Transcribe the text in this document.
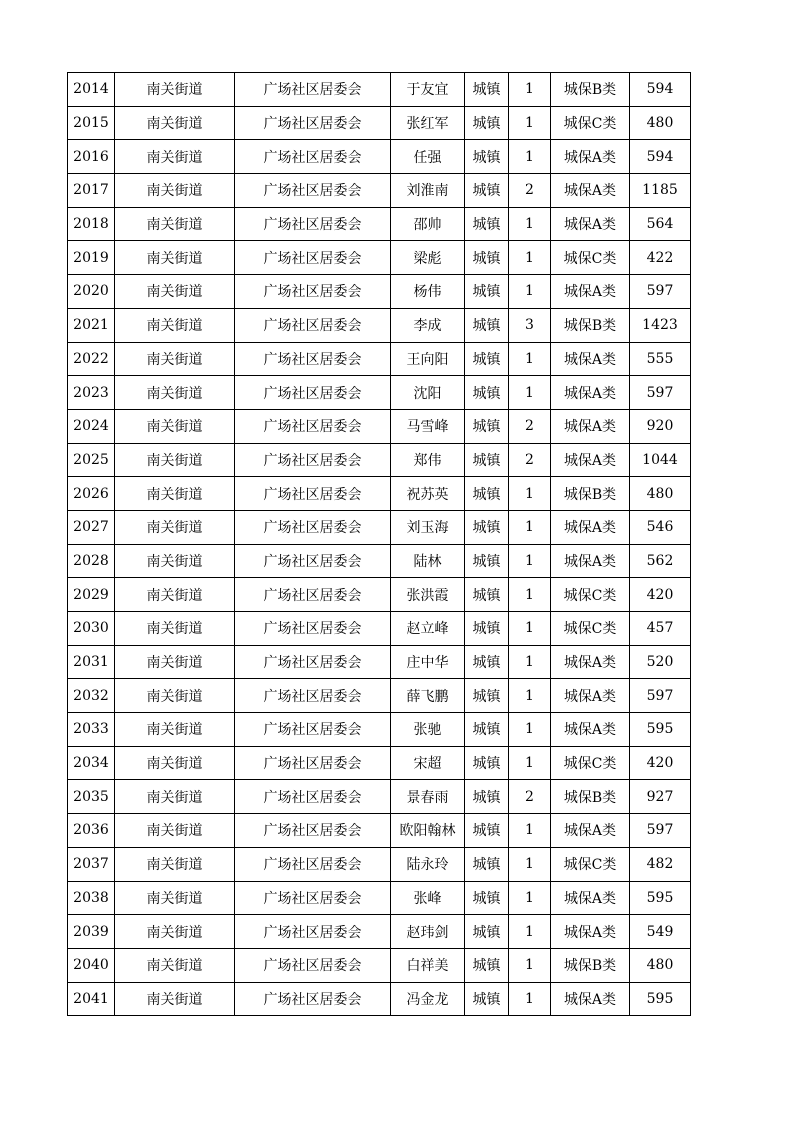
2014	南关街道	广场社区居委会	于友宜	城镇	1	城保B类	594
2015	南关街道	广场社区居委会	张红军	城镇	1	城保C类	480
2016	南关街道	广场社区居委会	任强	城镇	1	城保A类	594
2017	南关街道	广场社区居委会	刘淮南	城镇	2	城保A类	1185
2018	南关街道	广场社区居委会	邵帅	城镇	1	城保A类	564
2019	南关街道	广场社区居委会	梁彪	城镇	1	城保C类	422
2020	南关街道	广场社区居委会	杨伟	城镇	1	城保A类	597
2021	南关街道	广场社区居委会	李成	城镇	3	城保B类	1423
2022	南关街道	广场社区居委会	王向阳	城镇	1	城保A类	555
2023	南关街道	广场社区居委会	沈阳	城镇	1	城保A类	597
2024	南关街道	广场社区居委会	马雪峰	城镇	2	城保A类	920
2025	南关街道	广场社区居委会	郑伟	城镇	2	城保A类	1044
2026	南关街道	广场社区居委会	祝苏英	城镇	1	城保B类	480
2027	南关街道	广场社区居委会	刘玉海	城镇	1	城保A类	546
2028	南关街道	广场社区居委会	陆林	城镇	1	城保A类	562
2029	南关街道	广场社区居委会	张洪霞	城镇	1	城保C类	420
2030	南关街道	广场社区居委会	赵立峰	城镇	1	城保C类	457
2031	南关街道	广场社区居委会	庄中华	城镇	1	城保A类	520
2032	南关街道	广场社区居委会	薛飞鹏	城镇	1	城保A类	597
2033	南关街道	广场社区居委会	张驰	城镇	1	城保A类	595
2034	南关街道	广场社区居委会	宋超	城镇	1	城保C类	420
2035	南关街道	广场社区居委会	景春雨	城镇	2	城保B类	927
2036	南关街道	广场社区居委会	欧阳翰林	城镇	1	城保A类	597
2037	南关街道	广场社区居委会	陆永玲	城镇	1	城保C类	482
2038	南关街道	广场社区居委会	张峰	城镇	1	城保A类	595
2039	南关街道	广场社区居委会	赵玮剑	城镇	1	城保A类	549
2040	南关街道	广场社区居委会	白祥美	城镇	1	城保B类	480
2041	南关街道	广场社区居委会	冯金龙	城镇	1	城保A类	595
